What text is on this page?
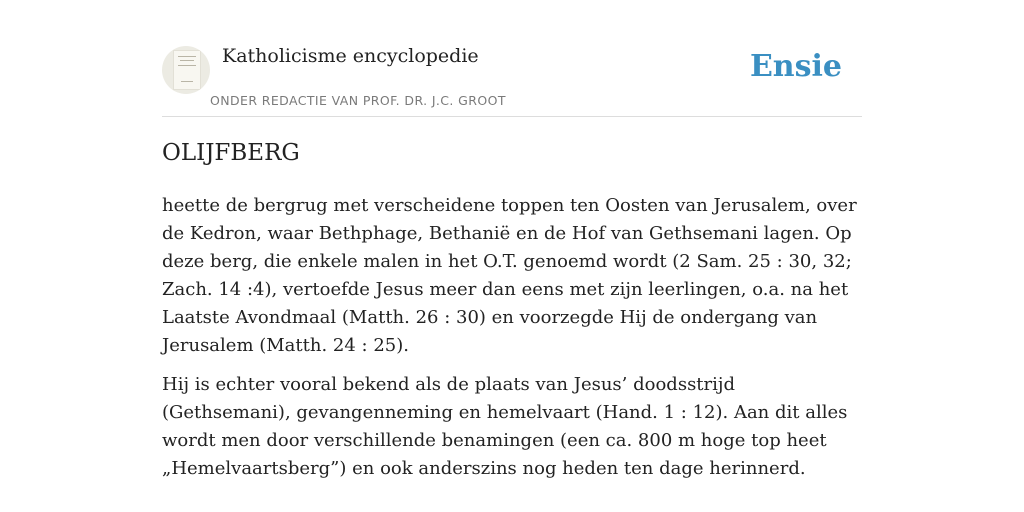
Katholicisme encyclopedie
ONDER REDACTIE VAN PROF. DR. J.C. GROOT
Ensie
OLIJFBERG

heette de bergrug met verscheidene toppen ten Oosten van Jerusalem, over de Kedron, waar Bethphage, Bethanië en de Hof van Gethsemani lagen. Op deze berg, die enkele malen in het O.T. genoemd wordt (2 Sam. 25 : 30, 32; Zach. 14 :4), vertoefde Jesus meer dan eens met zijn leerlingen, o.a. na het Laatste Avondmaal (Matth. 26 : 30) en voorzegde Hij de ondergang van Jerusalem (Matth. 24 : 25).

Hij is echter vooral bekend als de plaats van Jesus’ doodsstrijd (Gethsemani), gevangenneming en hemelvaart (Hand. 1 : 12). Aan dit alles wordt men door verschillende benamingen (een ca. 800 m hoge top heet „Hemelvaartsberg”) en ook anderszins nog heden ten dage herinnerd.
